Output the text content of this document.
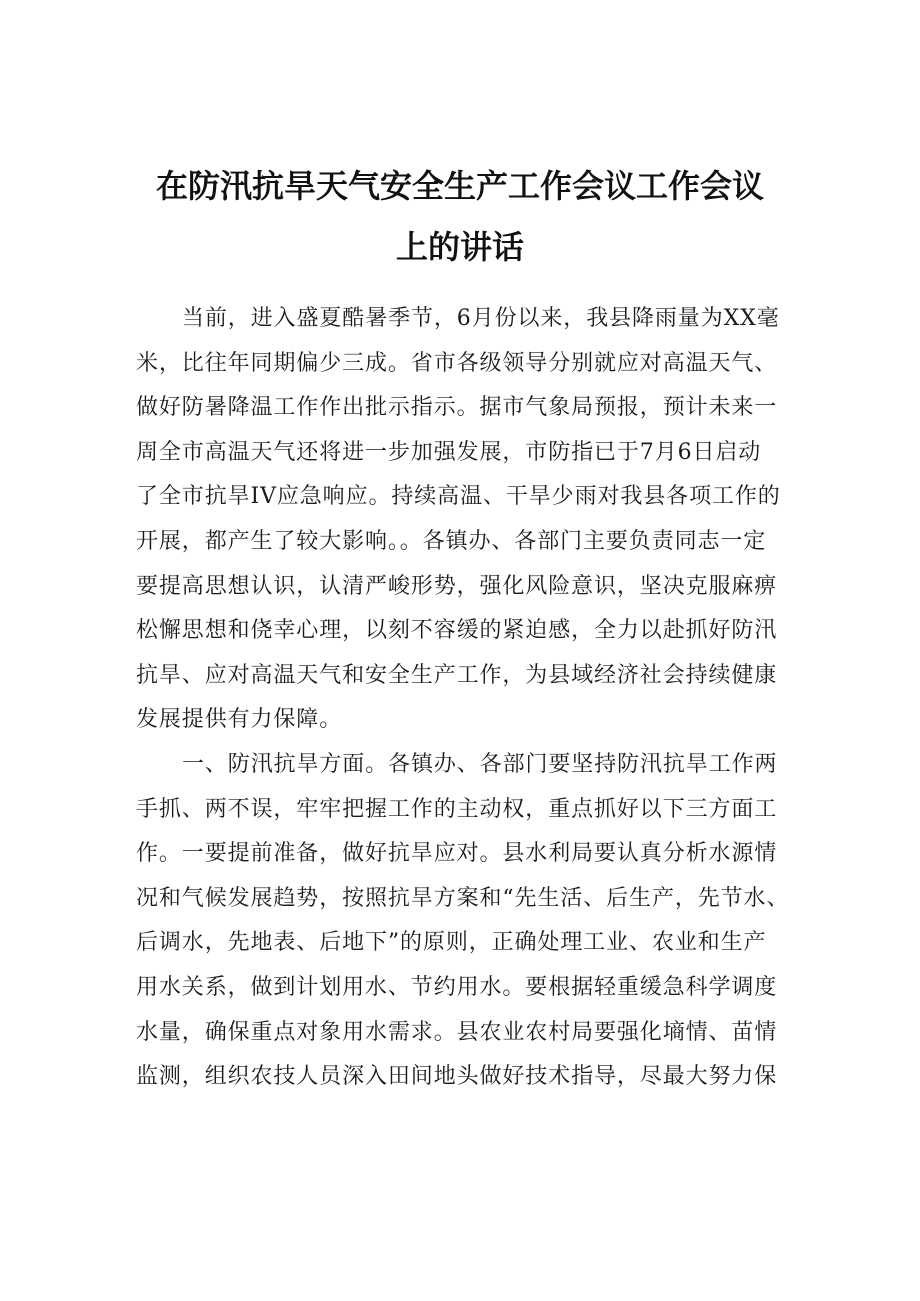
在防汛抗旱天气安全生产工作会议工作会议
上的讲话
当前，进入盛夏酷暑季节，6月份以来，我县降雨量为XX毫
米，比往年同期偏少三成。省市各级领导分别就应对高温天气、
做好防暑降温工作作出批示指示。据市气象局预报，预计未来一
周全市高温天气还将进一步加强发展，市防指已于7月6日启动
了全市抗旱IV应急响应。持续高温、干旱少雨对我县各项工作的
开展，都产生了较大影响。。各镇办、各部门主要负责同志一定
要提高思想认识，认清严峻形势，强化风险意识，坚决克服麻痹
松懈思想和侥幸心理，以刻不容缓的紧迫感，全力以赴抓好防汛
抗旱、应对高温天气和安全生产工作，为县域经济社会持续健康
发展提供有力保障。
一、防汛抗旱方面。各镇办、各部门要坚持防汛抗旱工作两
手抓、两不误，牢牢把握工作的主动权，重点抓好以下三方面工
作。一要提前准备，做好抗旱应对。县水利局要认真分析水源情
况和气候发展趋势，按照抗旱方案和“先生活、后生产，先节水、
后调水，先地表、后地下”的原则，正确处理工业、农业和生产
用水关系，做到计划用水、节约用水。要根据轻重缓急科学调度
水量，确保重点对象用水需求。县农业农村局要强化墒情、苗情
监测，组织农技人员深入田间地头做好技术指导，尽最大努力保
